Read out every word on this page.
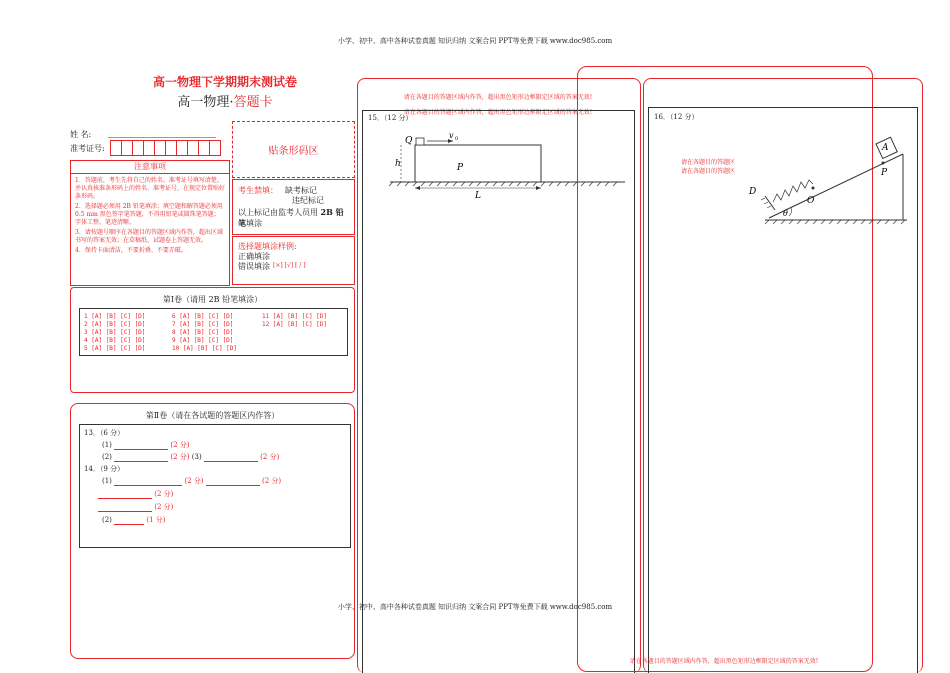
小学、初中、高中各种试卷真题 知识归纳 文案合同 PPT等免费下载 www.doc985.com
高一物理下学期期末测试卷
高一物理·答题卡
姓 名:
准考证号:	贴条形码区
注意事项
1．答题前，考生先将自己的姓名、准考证号填写清楚，并认真核准条形码上的姓名、准考证号，在规定位置贴好条形码。
2．选择题必须用 2B 铅笔填涂；填空题和解答题必须用 0.5 mm 黑色签字笔答题，不得用铅笔或圆珠笔答题；字体工整、笔迹清晰。
3．请按题号顺序在各题目的答题区域内作答，超出区域书写的答案无效；在草稿纸、试题卷上答题无效。
4．保持卡面清洁，不要折叠、不要弄破。
考生禁填： 缺考标记
违纪标记
以上标记由监考人员用 2B 铅
笔填涂
选择题填涂样例:
正确填涂
错误填涂 [×] [√] [ / ]
第Ⅰ卷（请用 2B 铅笔填涂）
1 [A] [B] [C] [D]
2 [A] [B] [C] [D]
3 [A] [B] [C] [D]
4 [A] [B] [C] [D]
5 [A] [B] [C] [D]
6 [A] [B] [C] [D]
7 [A] [B] [C] [D]
8 [A] [B] [C] [D]
9 [A] [B] [C] [D]
10 [A] [B] [C] [D]
11 [A] [B] [C] [D]
12 [A] [B] [C] [D]
第Ⅱ卷（请在各试题的答题区内作答）
13．（6 分）
(1)	(2 分)
(2)	(2 分) (3)	(2 分)
14．（9 分）
(1)	(2 分)	(2 分)
(2 分)
(2 分)
(2)	(1 分)
请在各题目的答题区域内作答，超出黑色矩形边框限定区域的答案无效!
请在各题目的答题区域内作答，超出黑色矩形边框限定区域的答案无效!
15．（12 分）
Q
v 0
h	P
L
小学、初中、高中各种试卷真题 知识归纳 文案合同 PPT等免费下载 www.doc985.com
16．（12 分）
请在各题目的答题区
请在各题目的答题区
A
P
D
O
θ
请在各题目的答题区域内作答，超出黑色矩形边框限定区域的答案无效!
